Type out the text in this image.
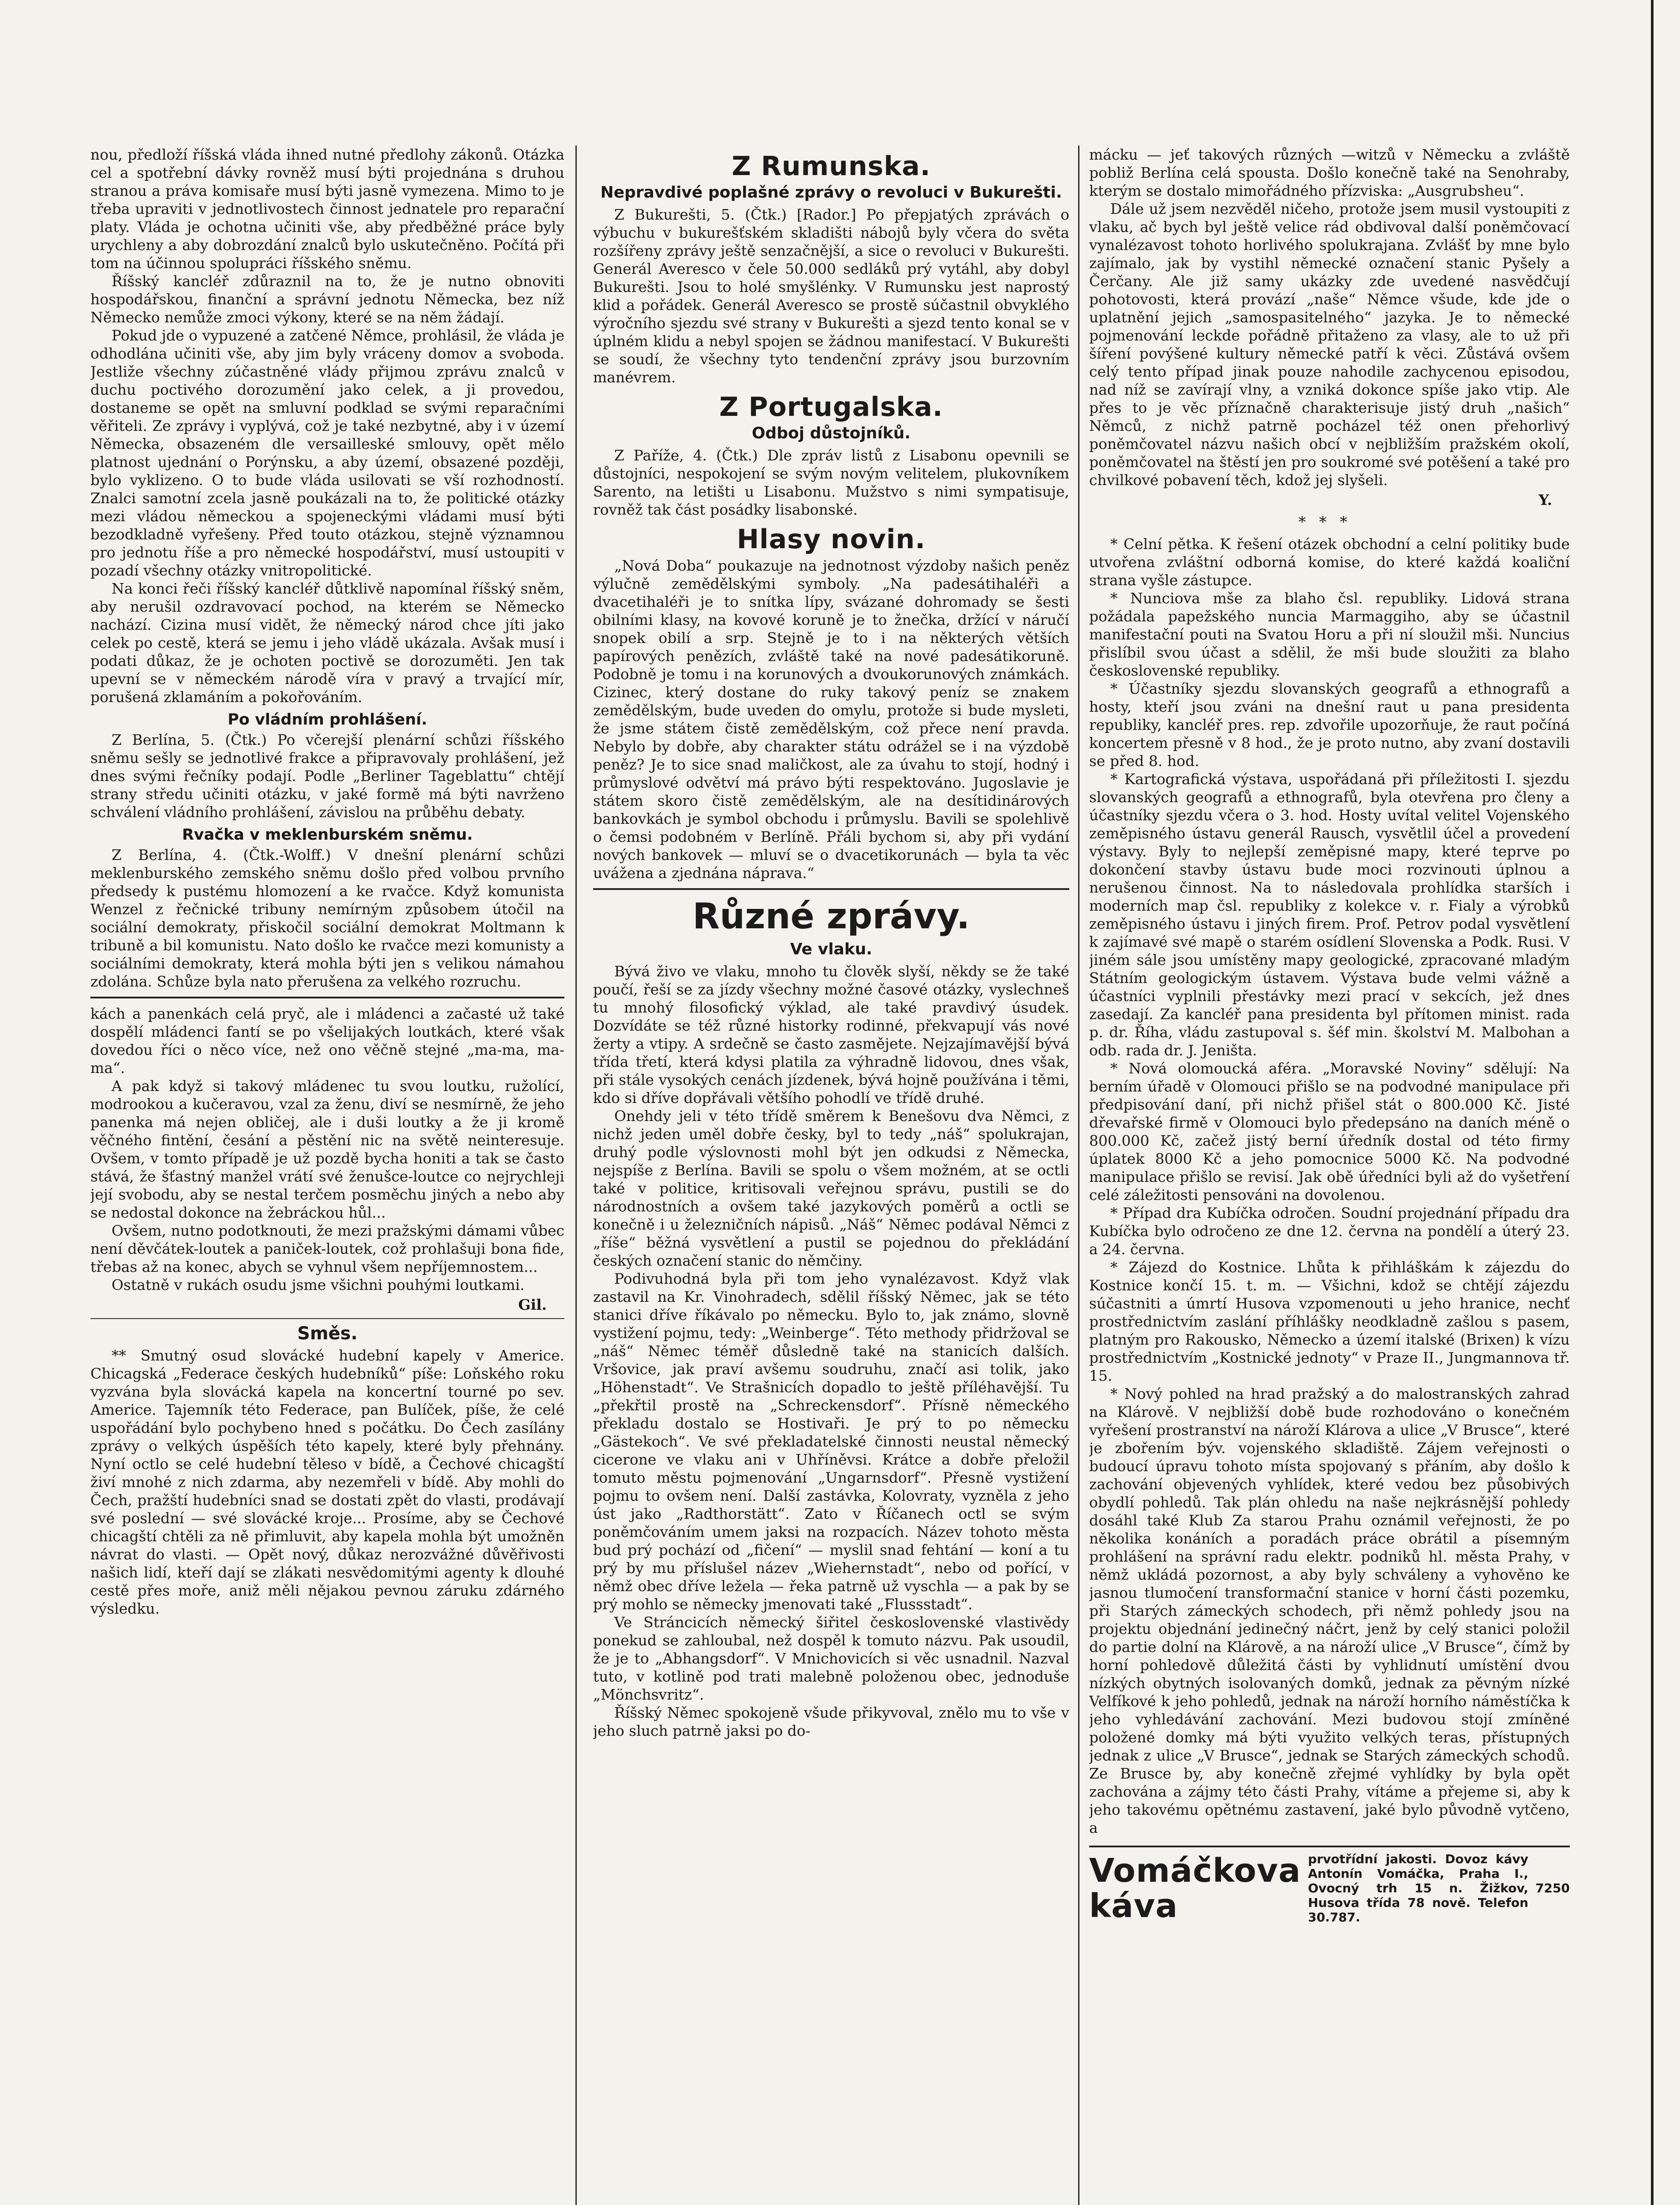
nou, předloží říšská vláda ihned nutné předlohy zákonů. Otázka cel a spotřební dávky rovněž musí býti projednána s druhou stranou a práva komisaře musí býti jasně vymezena. Mimo to je třeba upraviti v jednotlivostech činnost jednatele pro reparační platy. Vláda je ochotna učiniti vše, aby předběžné práce byly urychleny a aby dobrozdání znalců bylo uskutečněno. Počítá při tom na účinnou spolupráci říšského sněmu.

Říšský kancléř zdůraznil na to, že je nutno obnoviti hospodářskou, finanční a správní jednotu Německa, bez níž Německo nemůže zmoci výkony, které se na něm žádají.

Pokud jde o vypuzené a zatčené Němce, prohlásil, že vláda je odhodlána učiniti vše, aby jim byly vráceny domov a svoboda. Jestliže všechny zúčastněné vlády přijmou zprávu znalců v duchu poctivého dorozumění jako celek, a ji provedou, dostaneme se opět na smluvní podklad se svými reparačními věřiteli. Ze zprávy i vyplývá, což je také nezbytné, aby i v území Německa, obsazeném dle versailleské smlouvy, opět mělo platnost ujednání o Porýnsku, a aby území, obsazené později, bylo vyklizeno. O to bude vláda usilovati se vší rozhodností. Znalci samotní zcela jasně poukázali na to, že politické otázky mezi vládou německou a spojeneckými vládami musí býti bezodkladně vyřešeny. Před touto otázkou, stejně významnou pro jednotu říše a pro německé hospodářství, musí ustoupiti v pozadí všechny otázky vnitropolitické.

Na konci řeči říšský kancléř důtklivě napomínal říšský sněm, aby nerušil ozdravovací pochod, na kterém se Německo nachází. Cizina musí vidět, že německý národ chce jíti jako celek po cestě, která se jemu i jeho vládě ukázala. Avšak musí i podati důkaz, že je ochoten poctivě se dorozuměti. Jen tak upevní se v německém národě víra v pravý a trvající mír, porušená zklamáním a pokořováním.

Po vládním prohlášení.

Z Berlína, 5. (Čtk.) Po včerejší plenární schůzi říšského sněmu sešly se jednotlivé frakce a připravovaly prohlášení, jež dnes svými řečníky podají. Podle „Berliner Tageblattu“ chtějí strany středu učiniti otázku, v jaké formě má býti navrženo schválení vládního prohlášení, závislou na průběhu debaty.

Rvačka v meklenburském sněmu.

Z Berlína, 4. (Čtk.-Wolff.) V dnešní plenární schůzi meklenburského zemského sněmu došlo před volbou prvního předsedy k pustému hlomození a ke rvačce. Když komunista Wenzel z řečnické tribuny nemírným způsobem útočil na sociální demokraty, přiskočil sociální demokrat Moltmann k tribuně a bil komunistu. Nato došlo ke rvačce mezi komunisty a sociálními demokraty, která mohla býti jen s velikou námahou zdolána. Schůze byla nato přerušena za velkého rozruchu.

kách a panenkách celá pryč, ale i mládenci a začasté už také dospělí mládenci fantí se po všelijakých loutkách, které však dovedou říci o něco více, než ono věčně stejné „ma-ma, ma-ma“.

A pak když si takový mládenec tu svou loutku, ružolící, modrookou a kučeravou, vzal za ženu, diví se nesmírně, že jeho panenka má nejen obličej, ale i duši loutky a že ji kromě věčného fintění, česání a pěstění nic na světě neinteresuje. Ovšem, v tomto případě je už pozdě bycha honiti a tak se často stává, že šťastný manžel vrátí své ženušce-loutce co nejrychleji její svobodu, aby se nestal terčem posměchu jiných a nebo aby se nedostal dokonce na žebráckou hůl...

Ovšem, nutno podotknouti, že mezi pražskými dámami vůbec není děvčátek-loutek a paniček-loutek, což prohlašuji bona fide, třebas až na konec, abych se vyhnul všem nepříjemnostem...

Ostatně v rukách osudu jsme všichni pouhými loutkami.

Gil.
Směs.

** Smutný osud slovácké hudební kapely v Americe. Chicagská „Federace českých hudebníků“ píše: Loňského roku vyzvána byla slovácká kapela na koncertní tourné po sev. Americe. Tajemník této Federace, pan Bulíček, píše, že celé uspořádání bylo pochybeno hned s počátku. Do Čech zasílány zprávy o velkých úspěších této kapely, které byly přehnány. Nyní octlo se celé hudební těleso v bídě, a Čechové chicagští živí mnohé z nich zdarma, aby nezemřeli v bídě. Aby mohli do Čech, pražští hudebníci snad se dostati zpět do vlasti, prodávají své poslední — své slovácké kroje... Prosíme, aby se Čechové chicagští chtěli za ně přimluvit, aby kapela mohla být umožněn návrat do vlasti. — Opět nový, důkaz nerozvážné důvěřivosti našich lidí, kteří dají se zlákati nesvědomitými agenty k dlouhé cestě přes moře, aniž měli nějakou pevnou záruku zdárného výsledku.

Z Rumunska.
Nepravdivé poplašné zprávy o revoluci v Bukurešti.

Z Bukurešti, 5. (Čtk.) [Rador.] Po přepjatých zprávách o výbuchu v bukurešťském skladišti nábojů byly včera do světa rozšířeny zprávy ještě senzačnější, a sice o revoluci v Bukurešti. Generál Averesco v čele 50.000 sedláků prý vytáhl, aby dobyl Bukurešti. Jsou to holé smyšlénky. V Rumunsku jest naprostý klid a pořádek. Generál Averesco se prostě súčastnil obvyklého výročního sjezdu své strany v Bukurešti a sjezd tento konal se v úplném klidu a nebyl spojen se žádnou manifestací. V Bukurešti se soudí, že všechny tyto tendenční zprávy jsou burzovním manévrem.

Z Portugalska.
Odboj důstojníků.

Z Paříže, 4. (Čtk.) Dle zpráv listů z Lisabonu opevnili se důstojníci, nespokojení se svým novým velitelem, plukovníkem Sarento, na letišti u Lisabonu. Mužstvo s nimi sympatisuje, rovněž tak část posádky lisabonské.

Hlasy novin.

„Nová Doba“ poukazuje na jednotnost výzdoby našich peněz výlučně zemědělskými symboly. „Na padesátihaléři a dvacetihaléři je to snítka lípy, svázané dohromady se šesti obilními klasy, na kovové koruně je to žnečka, držící v náručí snopek obilí a srp. Stejně je to i na některých větších papírových penězích, zvláště také na nové padesátikoruně. Podobně je tomu i na korunových a dvoukorunových známkách. Cizinec, který dostane do ruky takový peníz se znakem zemědělským, bude uveden do omylu, protože si bude mysleti, že jsme státem čistě zemědělským, což přece není pravda. Nebylo by dobře, aby charakter státu odrážel se i na výzdobě peněz? Je to sice snad maličkost, ale za úvahu to stojí, hodný i průmyslové odvětví má právo býti respektováno. Jugoslavie je státem skoro čistě zemědělským, ale na desítidinárových bankovkách je symbol obchodu i průmyslu. Bavili se spolehlivě o čemsi podobném v Berlíně. Přáli bychom si, aby při vydání nových bankovek — mluví se o dvacetikorunách — byla ta věc uvážena a zjednána náprava.“

Různé zprávy.
Ve vlaku.

Bývá živo ve vlaku, mnoho tu člověk slyší, někdy se že také poučí, řeší se za jízdy všechny možné časové otázky, vyslechneš tu mnohý filosofický výklad, ale také pravdivý úsudek. Dozvídáte se též různé historky rodinné, překvapují vás nové žerty a vtipy. A srdečně se často zasmějete. Nejzajímavější bývá třída třetí, která kdysi platila za výhradně lidovou, dnes však, při stále vysokých cenách jízdenek, bývá hojně používána i těmi, kdo si dříve dopřávali většího pohodlí ve třídě druhé.

Onehdy jeli v této třídě směrem k Benešovu dva Němci, z nichž jeden uměl dobře česky, byl to tedy „náš“ spolukrajan, druhý podle výslovnosti mohl být jen odkudsi z Německa, nejspíše z Berlína. Bavili se spolu o všem možném, at se octli také v politice, kritisovali veřejnou správu, pustili se do národnostních a ovšem také jazykových poměrů a octli se konečně i u železničních nápisů. „Náš“ Němec podával Němci z „říše“ běžná vysvětlení a pustil se pojednou do překládání českých označení stanic do němčiny.

Podivuhodná byla při tom jeho vynalézavost. Když vlak zastavil na Kr. Vinohradech, sdělil říšský Němec, jak se této stanici dříve říkávalo po německu. Bylo to, jak známo, slovně vystižení pojmu, tedy: „Weinberge“. Této methody přidržoval se „náš“ Němec téměř důsledně také na stanicích dalších. Vršovice, jak praví avšemu soudruhu, značí asi tolik, jako „Höhenstadt“. Ve Strašnicích dopadlo to ještě příléhavější. Tu „překřtil prostě na „Schreckensdorf“. Přísně německého překladu dostalo se Hostivaři. Je prý to po německu „Gästekoch“. Ve své překladatelské činnosti neustal německý cicerone ve vlaku ani v Uhříněvsi. Krátce a dobře přeložil tomuto městu pojmenování „Ungarnsdorf“. Přesně vystižení pojmu to ovšem není. Další zastávka, Kolovraty, vyzněla z jeho úst jako „Radthorstätt“. Zato v Říčanech octl se svým poněmčováním umem jaksi na rozpacích. Název tohoto města bud prý pochází od „fičení“ — myslil snad fehtání — koní a tu prý by mu příslušel název „Wiehernstadt“, nebo od pořící, v němž obec dříve ležela — řeka patrně už vyschla — a pak by se prý mohlo se německy jmenovati také „Flussstadt“.

Ve Stráncicích německý šiřitel československé vlastivědy ponekud se zahloubal, než dospěl k tomuto názvu. Pak usoudil, že je to „Abhangsdorf“. V Mnichovicích si věc usnadnil. Nazval tuto, v kotlině pod trati malebně položenou obec, jednoduše „Mönchsvritz“.

Říšský Němec spokojeně všude přikyvoval, znělo mu to vše v jeho sluch patrně jaksi po do-

mácku — jeť takových různých —witzů v Německu a zvláště pobliž Berlína celá spousta. Došlo konečně také na Senohraby, kterým se dostalo mimořádného přízviska: „Ausgrubsheu“.

Dále už jsem nezvěděl ničeho, protože jsem musil vystoupiti z vlaku, ač bych byl ještě velice rád obdivoval další poněmčovací vynalézavost tohoto horlivého spolukrajana. Zvlášť by mne bylo zajímalo, jak by vystihl německé označení stanic Pyšely a Čerčany. Ale již samy ukázky zde uvedené nasvědčují pohotovosti, která provází „naše“ Němce všude, kde jde o uplatnění jejich „samospasitelného“ jazyka. Je to německé pojmenování leckde pořádně přitaženo za vlasy, ale to už při šíření povýšené kultury německé patří k věci. Zůstává ovšem celý tento případ jinak pouze nahodile zachycenou episodou, nad níž se zavírají vlny, a vzniká dokonce spíše jako vtip. Ale přes to je věc příznačně charakterisuje jistý druh „našich“ Němců, z nichž patrně pocházel též onen přehorlivý poněmčovatel názvu našich obcí v nejbližším pražském okolí, poněmčovatel na štěstí jen pro soukromé své potěšení a také pro chvilkové pobavení těch, kdož jej slyšeli.

Y.
***

* Celní pětka. K řešení otázek obchodní a celní politiky bude utvořena zvláštní odborná komise, do které každá koaliční strana vyšle zástupce.

* Nunciova mše za blaho čsl. republiky. Lidová strana požádala papežského nuncia Marmaggiho, aby se účastnil manifestační pouti na Svatou Horu a při ní sloužil mši. Nuncius přislíbil svou účast a sdělil, že mši bude sloužiti za blaho československé republiky.

* Účastníky sjezdu slovanských geografů a ethnografů a hosty, kteří jsou zváni na dnešní raut u pana presidenta republiky, kancléř pres. rep. zdvořile upozorňuje, že raut počíná koncertem přesně v 8 hod., že je proto nutno, aby zvaní dostavili se před 8. hod.

* Kartografická výstava, uspořádaná při příležitosti I. sjezdu slovanských geografů a ethnografů, byla otevřena pro členy a účastníky sjezdu včera o 3. hod. Hosty uvítal velitel Vojenského zeměpisného ústavu generál Rausch, vysvětlil účel a provedení výstavy. Byly to nejlepší zeměpisné mapy, které teprve po dokončení stavby ústavu bude moci rozvinouti úplnou a nerušenou činnost. Na to následovala prohlídka starších i moderních map čsl. republiky z kolekce v. r. Fialy a výrobků zeměpisného ústavu i jiných firem. Prof. Petrov podal vysvětlení k zajímavé své mapě o starém osídlení Slovenska a Podk. Rusi. V jiném sále jsou umístěny mapy geologické, zpracované mladým Státním geologickým ústavem. Výstava bude velmi vážně a účastníci vyplnili přestávky mezi prací v sekcích, jež dnes zasedají. Za kancléř pana presidenta byl přítomen minist. rada p. dr. Říha, vládu zastupoval s. šéf min. školství M. Malbohan a odb. rada dr. J. Jeništa.

* Nová olomoucká aféra. „Moravské Noviny“ sdělují: Na berním úřadě v Olomouci přišlo se na podvodné manipulace při předpisování daní, při nichž přišel stát o 800.000 Kč. Jisté dřevařské firmě v Olomouci bylo předepsáno na daních méně o 800.000 Kč, začež jistý berní úředník dostal od této firmy úplatek 8000 Kč a jeho pomocnice 5000 Kč. Na podvodné manipulace přišlo se revisí. Jak obě úředníci byli až do vyšetření celé záležitosti pensováni na dovolenou.

* Případ dra Kubíčka odročen. Soudní projednání případu dra Kubíčka bylo odročeno ze dne 12. června na pondělí a úterý 23. a 24. června.

* Zájezd do Kostnice. Lhůta k přihláškám k zájezdu do Kostnice končí 15. t. m. — Všichni, kdož se chtějí zájezdu súčastniti a úmrtí Husova vzpomenouti u jeho hranice, nechť prostřednictvím zaslání příhlášky neodkladně zašlou s pasem, platným pro Rakousko, Německo a území italské (Brixen) k vízu prostřednictvím „Kostnické jednoty“ v Praze II., Jungmannova tř. 15.

* Nový pohled na hrad pražský a do malostranských zahrad na Klárově. V nejbližší době bude rozhodováno o konečném vyřešení prostranství na nároží Klárova a ulice „V Brusce“, které je zbořením býv. vojenského skladiště. Zájem veřejnosti o budoucí úpravu tohoto místa spojovaný s přáním, aby došlo k zachování objevených vyhlídek, které vedou bez působivých obydlí pohledů. Tak plán ohledu na naše nejkrásnější pohledy dosáhl také Klub Za starou Prahu oznámil veřejnosti, že po několika konáních a poradách práce obrátil a písemným prohlášení na správní radu elektr. podniků hl. města Prahy, v němž ukládá pozornost, a aby byly schváleny a vyhověno ke jasnou tlumočení transformační stanice v horní části pozemku, při Starých zámeckých schodech, při němž pohledy jsou na projektu objednání jedinečný náčrt, jenž by celý stanici položil do partie dolní na Klárově, a na nároží ulice „V Brusce“, čímž by horní pohledově důležitá části by vyhlidnutí umístění dvou nízkých obytných isolovaných domků, jednak za pěvným nízké Velfíkové k jeho pohledů, jednak na nároží horního náměstíčka k jeho vyhledávání zachování. Mezi budovou stojí zmíněné položené domky má býti využito velkých teras, přístupných jednak z ulice „V Brusce“, jednak se Starých zámeckých schodů. Ze Brusce by, aby konečně zřejmé vyhlídky by byla opět zachována a zájmy této části Prahy, vítáme a přejeme si, aby k jeho takovému opětnému zastavení, jaké bylo původně vytčeno, a

Vomáčkova káva
prvotřídní jakosti. Dovoz kávy Antonín Vomáčka, Praha I., Ovocný trh 15 n. Žižkov, Husova třída 78 nově. Telefon 30.787.
7250
